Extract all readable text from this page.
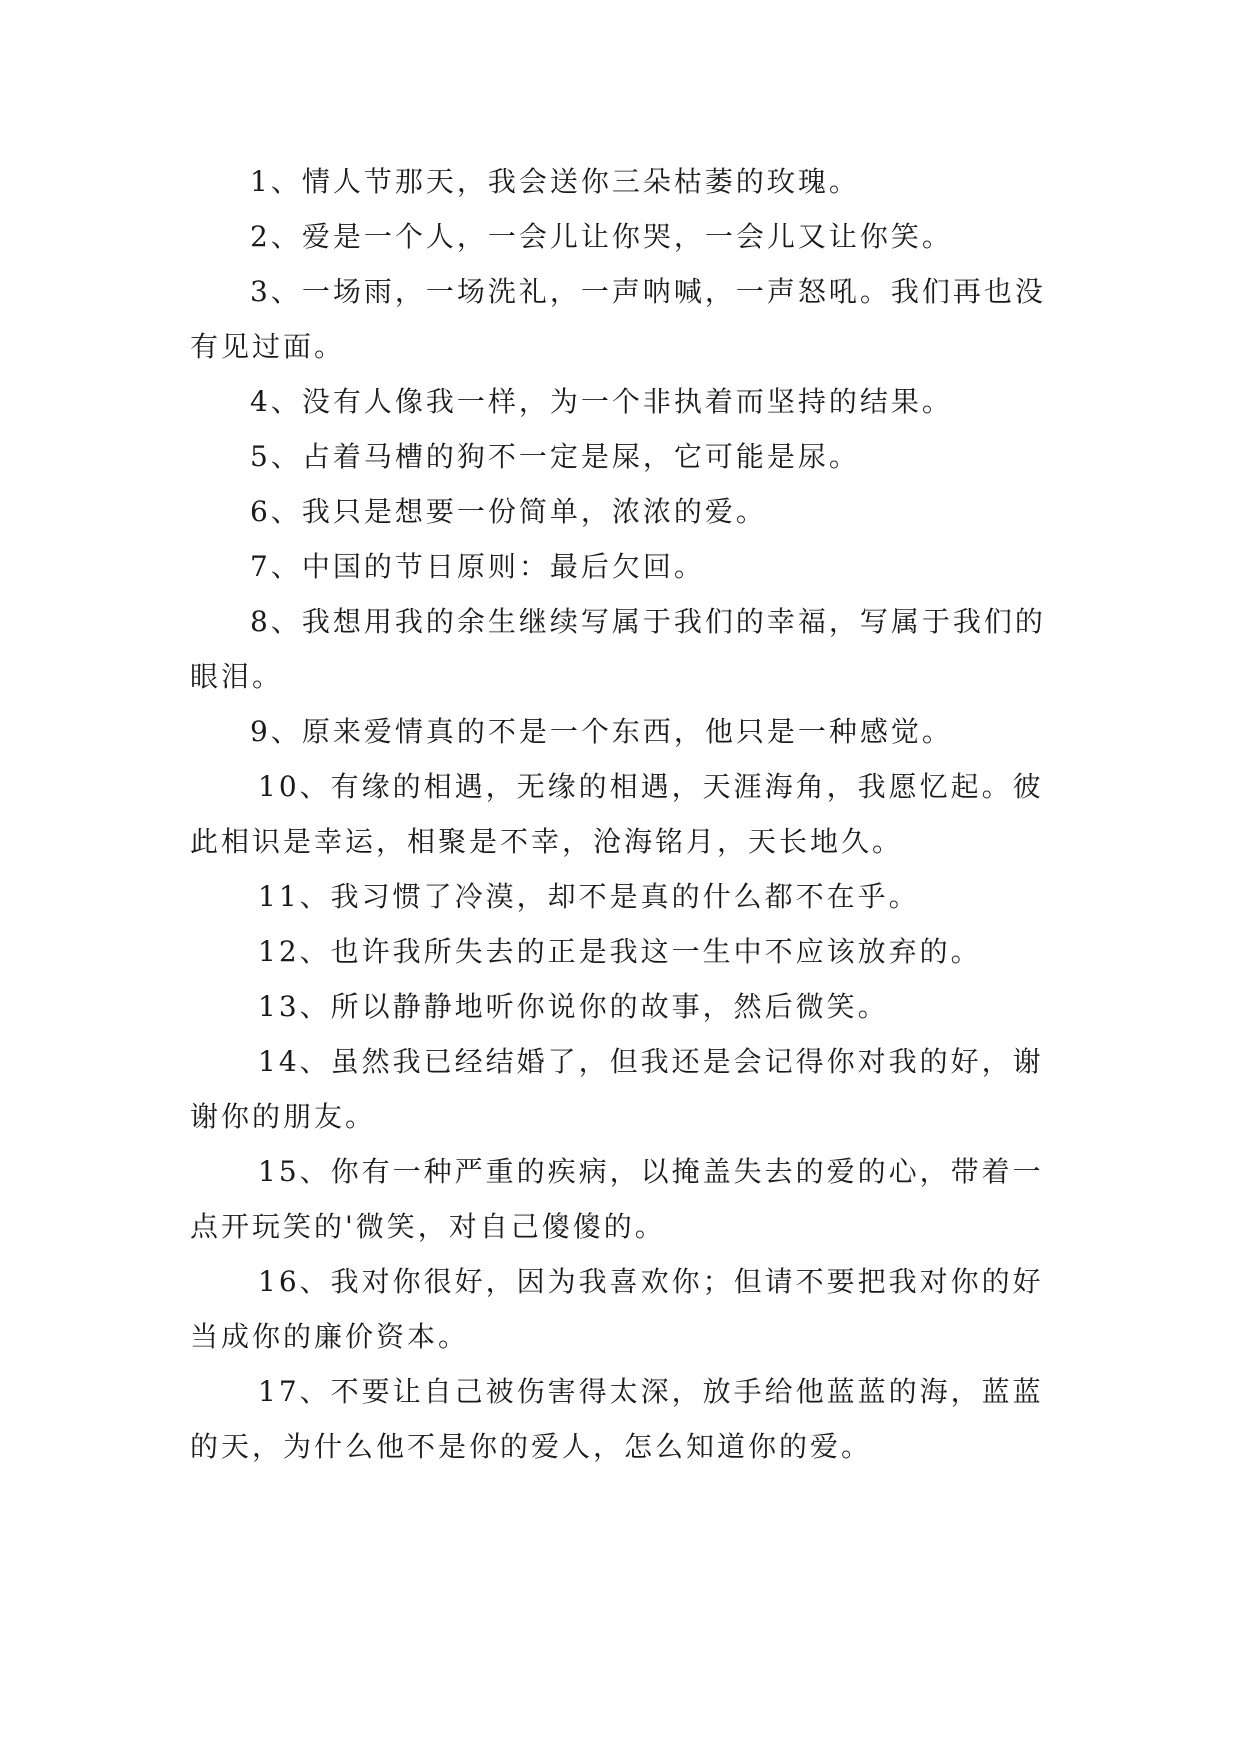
1、情人节那天，我会送你三朵枯萎的玫瑰。

2、爱是一个人，一会儿让你哭，一会儿又让你笑。

3、一场雨，一场洗礼，一声呐喊，一声怒吼。我们再也没有见过面。

4、没有人像我一样，为一个非执着而坚持的结果。

5、占着马槽的狗不一定是屎，它可能是尿。

6、我只是想要一份简单，浓浓的爱。

7、中国的节日原则：最后欠回。

8、我想用我的余生继续写属于我们的幸福，写属于我们的眼泪。

9、原来爱情真的不是一个东西，他只是一种感觉。

10、有缘的相遇，无缘的相遇，天涯海角，我愿忆起。彼此相识是幸运，相聚是不幸，沧海铭月，天长地久。

11、我习惯了冷漠，却不是真的什么都不在乎。

12、也许我所失去的正是我这一生中不应该放弃的。

13、所以静静地听你说你的故事，然后微笑。

14、虽然我已经结婚了，但我还是会记得你对我的好，谢谢你的朋友。

15、你有一种严重的疾病，以掩盖失去的爱的心，带着一点开玩笑的'微笑，对自己傻傻的。

16、我对你很好，因为我喜欢你；但请不要把我对你的好当成你的廉价资本。

17、不要让自己被伤害得太深，放手给他蓝蓝的海，蓝蓝的天，为什么他不是你的爱人，怎么知道你的爱。
